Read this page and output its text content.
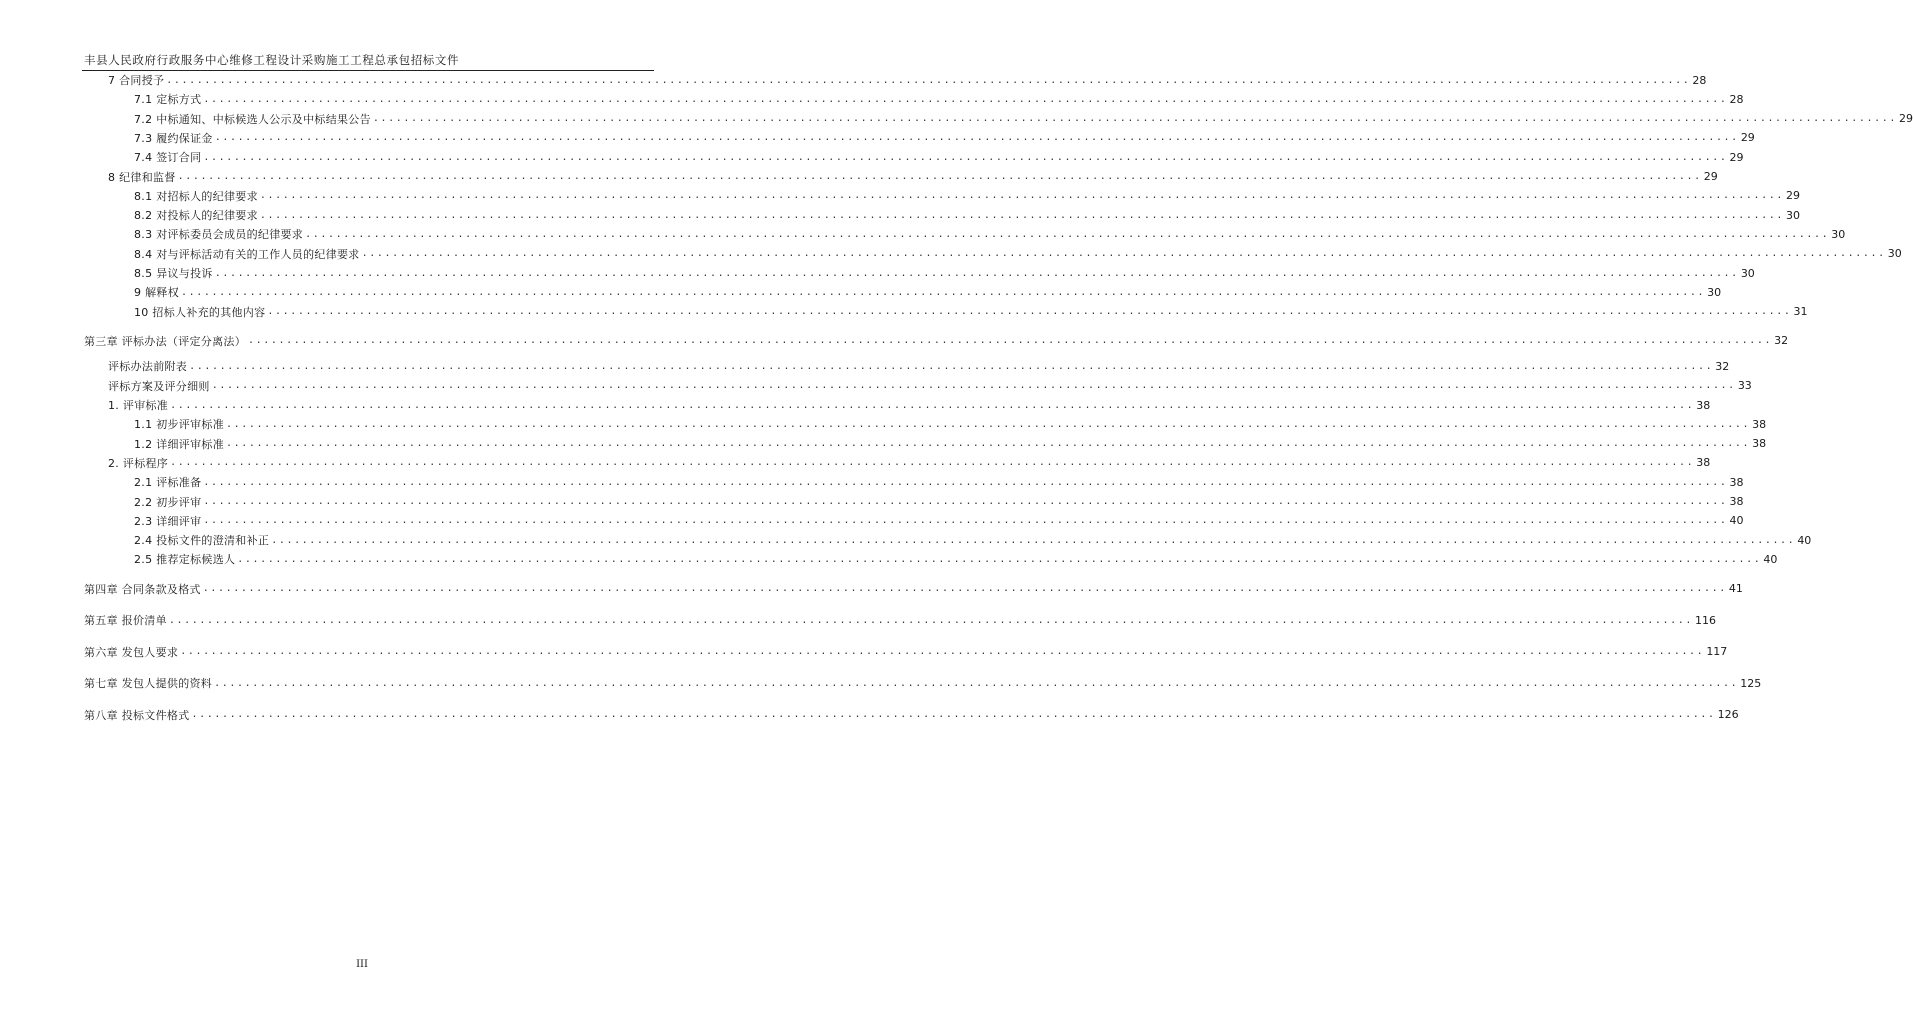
丰县人民政府行政服务中心维修工程设计采购施工工程总承包招标文件
7 合同授予 ........................................................................................................................................................................................................ 28
7.1 定标方式 ........................................................................................................................................................................................................ 28
7.2 中标通知、中标候选人公示及中标结果公告 ........................................................................................................................................................................................................ 29
7.3 履约保证金 ........................................................................................................................................................................................................ 29
7.4 签订合同 ........................................................................................................................................................................................................ 29
8 纪律和监督 ........................................................................................................................................................................................................ 29
8.1 对招标人的纪律要求 ........................................................................................................................................................................................................ 29
8.2 对投标人的纪律要求 ........................................................................................................................................................................................................ 30
8.3 对评标委员会成员的纪律要求 ........................................................................................................................................................................................................ 30
8.4 对与评标活动有关的工作人员的纪律要求 ........................................................................................................................................................................................................ 30
8.5 异议与投诉 ........................................................................................................................................................................................................ 30
9 解释权 ........................................................................................................................................................................................................ 30
10 招标人补充的其他内容 ........................................................................................................................................................................................................ 31
第三章 评标办法（评定分离法） ........................................................................................................................................................................................................ 32
评标办法前附表 ........................................................................................................................................................................................................ 32
评标方案及评分细则 ........................................................................................................................................................................................................ 33
1. 评审标准 ........................................................................................................................................................................................................ 38
1.1 初步评审标准 ........................................................................................................................................................................................................ 38
1.2 详细评审标准 ........................................................................................................................................................................................................ 38
2. 评标程序 ........................................................................................................................................................................................................ 38
2.1 评标准备 ........................................................................................................................................................................................................ 38
2.2 初步评审 ........................................................................................................................................................................................................ 38
2.3 详细评审 ........................................................................................................................................................................................................ 40
2.4 投标文件的澄清和补正 ........................................................................................................................................................................................................ 40
2.5 推荐定标候选人 ........................................................................................................................................................................................................ 40
第四章 合同条款及格式 ........................................................................................................................................................................................................ 41
第五章 报价清单 ........................................................................................................................................................................................................ 116
第六章 发包人要求 ........................................................................................................................................................................................................ 117
第七章 发包人提供的资料 ........................................................................................................................................................................................................ 125
第八章 投标文件格式 ........................................................................................................................................................................................................ 126
III
